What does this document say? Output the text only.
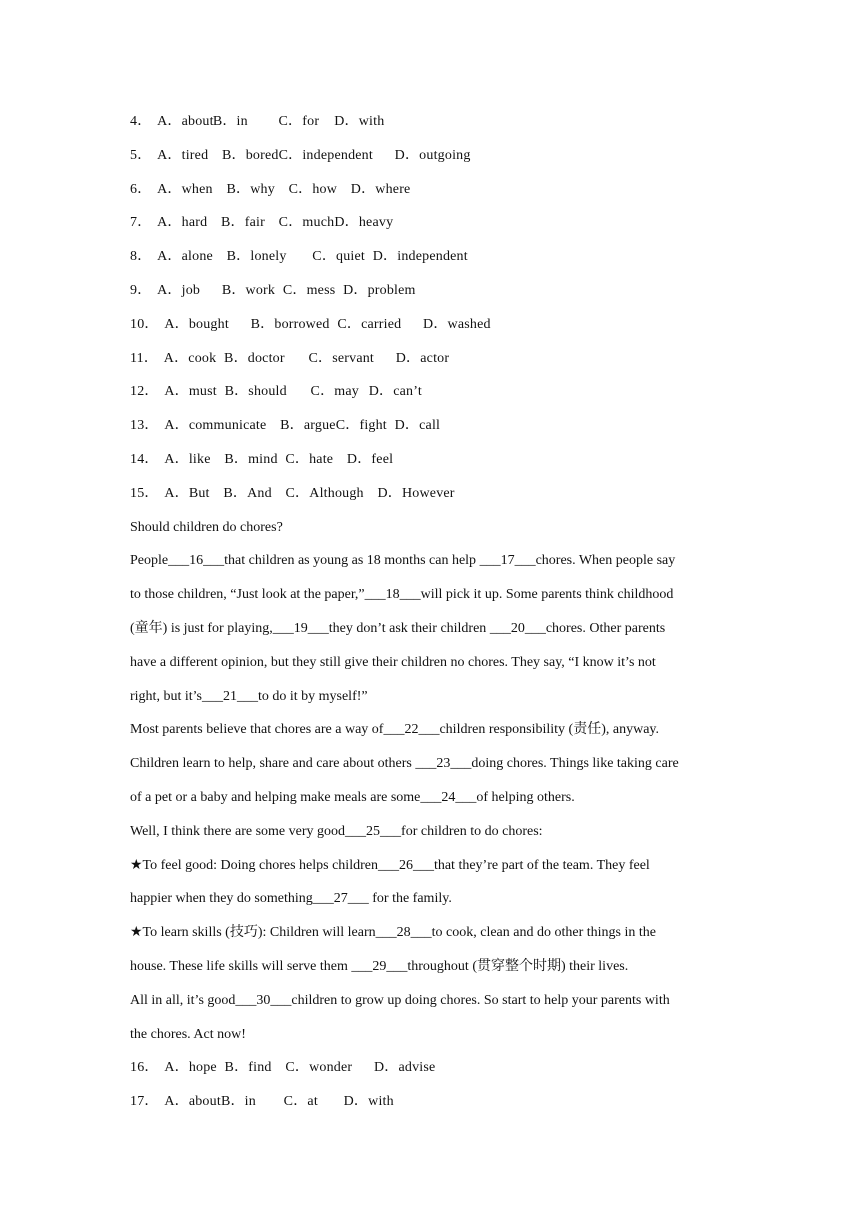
4． A．about B．in C．for D．with
5． A．tired B．boredC．independent D．outgoing
6． A．when B．why C．how D．where
7． A．hard B．fair C．muchD．heavy
8． A．alone B．lonely C．quiet D．independent
9． A．job B．work C．mess D．problem
10． A．bought B．borrowed C．carried D．washed
11． A．cook B．doctor C．servant D．actor
12． A．must B．should C．may D．can’t
13． A．communicate B．argueC．fight D．call
14． A．like B．mind C．hate D．feel
15． A．But B．And C．Although D．However
Should children do chores?
People___16___that children as young as 18 months can help ___17___chores. When people say
to those children, “Just look at the paper,”___18___will pick it up. Some parents think childhood
(童年) is just for playing,___19___they don’t ask their children ___20___chores. Other parents
have a different opinion, but they still give their children no chores. They say, “I know it’s not
right, but it’s___21___to do it by myself!”
Most parents believe that chores are a way of___22___children responsibility (责任), anyway.
Children learn to help, share and care about others ___23___doing chores. Things like taking care
of a pet or a baby and helping make meals are some___24___of helping others.
Well, I think there are some very good___25___for children to do chores:
★To feel good: Doing chores helps children___26___that they’re part of the team. They feel
happier when they do something___27___ for the family.
★To learn skills (技巧): Children will learn___28___to cook, clean and do other things in the
house. These life skills will serve them ___29___throughout (贯穿整个时期) their lives.
All in all, it’s good___30___children to grow up doing chores. So start to help your parents with
the chores. Act now!
16． A．hope B．find C．wonder D．advise
17． A．aboutB．in C．at D．with
